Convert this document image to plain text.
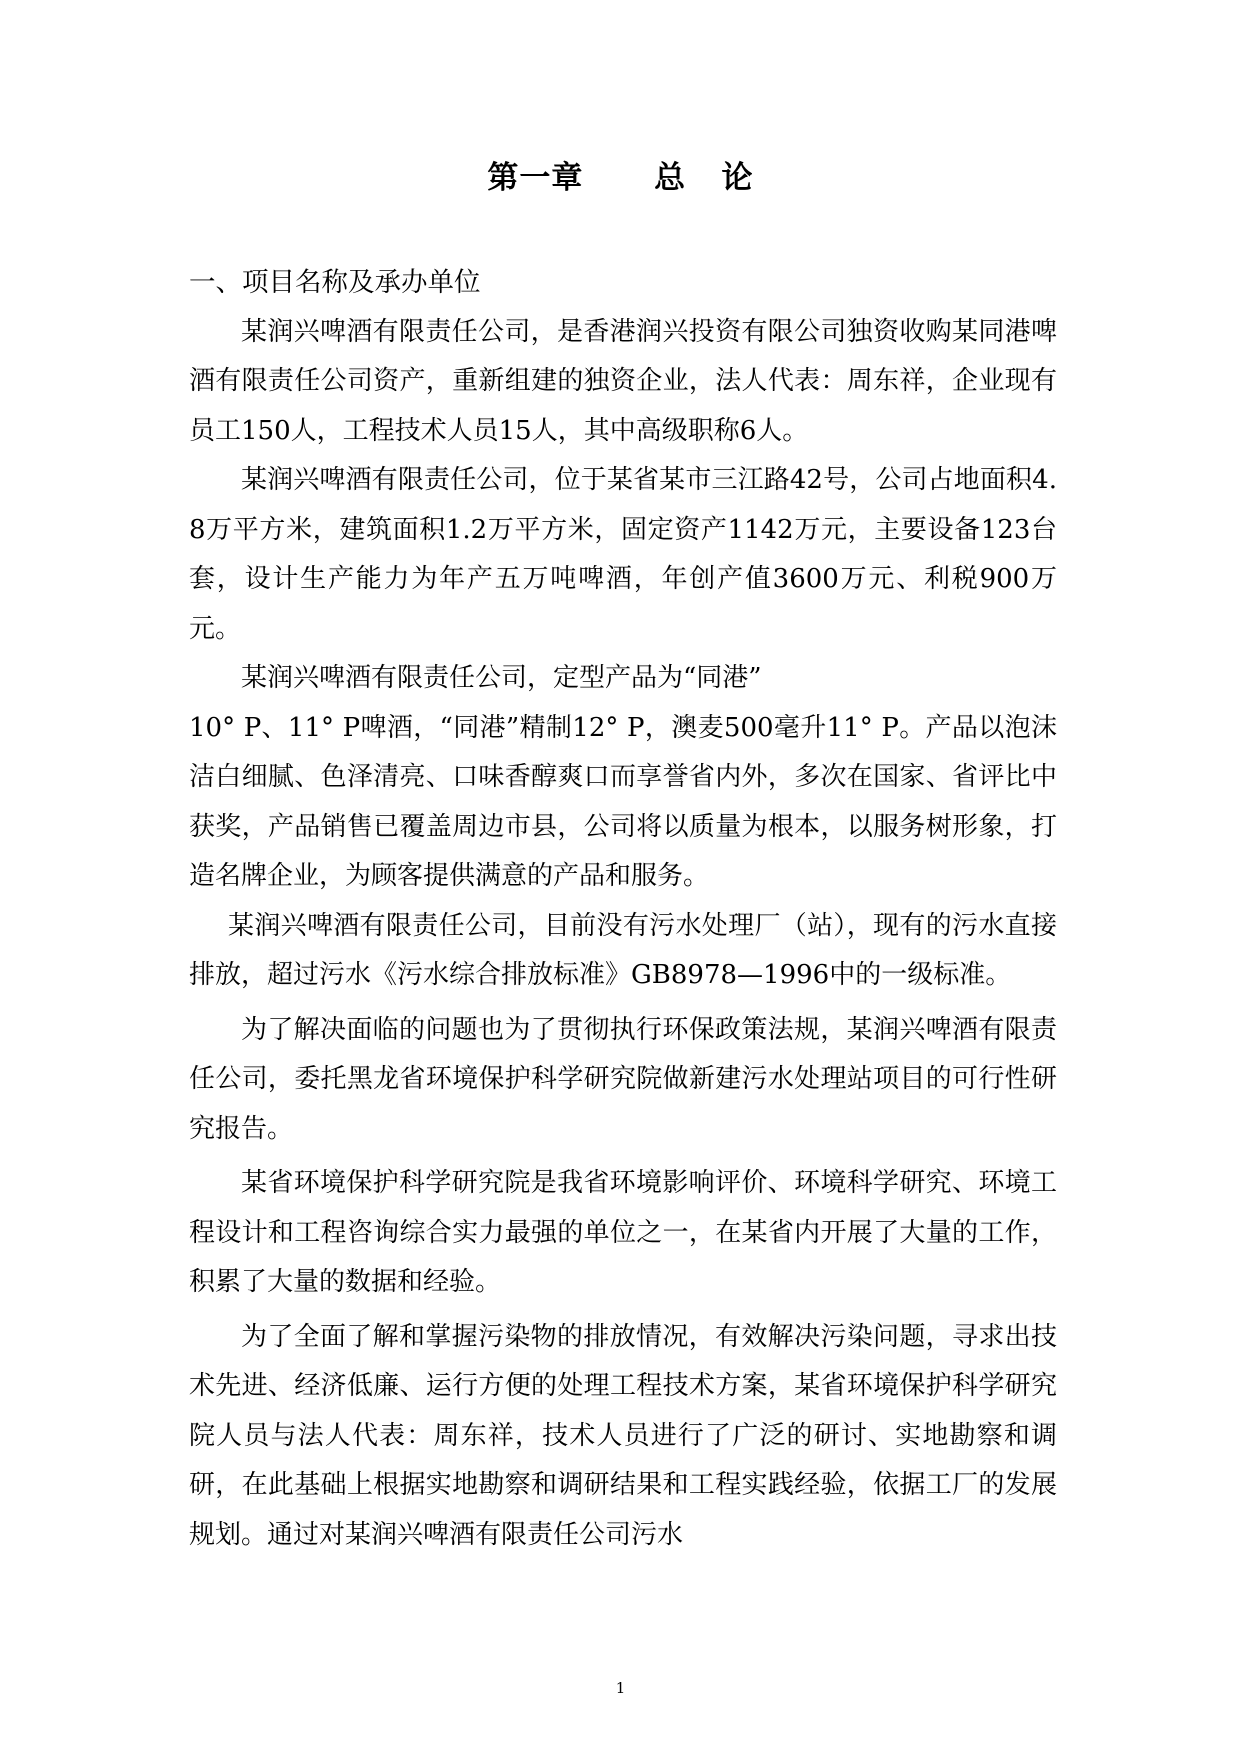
第一章      总   论

一、项目名称及承办单位

某润兴啤酒有限责任公司，是香港润兴投资有限公司独资收购某同港啤酒有限责任公司资产，重新组建的独资企业，法人代表：周东祥，企业现有员工150人，工程技术人员15人，其中高级职称6人。

某润兴啤酒有限责任公司，位于某省某市三江路42号，公司占地面积4.8万平方米，建筑面积1.2万平方米，固定资产1142万元，主要设备123台套，设计生产能力为年产五万吨啤酒，年创产值3600万元、利税900万元。

某润兴啤酒有限责任公司，定型产品为“同港”

10° P、11° P啤酒，“同港”精制12° P，澳麦500毫升11° P。产品以泡沫洁白细腻、色泽清亮、口味香醇爽口而享誉省内外，多次在国家、省评比中获奖，产品销售已覆盖周边市县，公司将以质量为根本，以服务树形象，打造名牌企业，为顾客提供满意的产品和服务。

某润兴啤酒有限责任公司，目前没有污水处理厂（站），现有的污水直接排放，超过污水《污水综合排放标准》GB8978—1996中的一级标准。

为了解决面临的问题也为了贯彻执行环保政策法规，某润兴啤酒有限责任公司，委托黑龙省环境保护科学研究院做新建污水处理站项目的可行性研究报告。

某省环境保护科学研究院是我省环境影响评价、环境科学研究、环境工程设计和工程咨询综合实力最强的单位之一，在某省内开展了大量的工作，积累了大量的数据和经验。

为了全面了解和掌握污染物的排放情况，有效解决污染问题，寻求出技术先进、经济低廉、运行方便的处理工程技术方案，某省环境保护科学研究院人员与法人代表：周东祥，技术人员进行了广泛的研讨、实地勘察和调研，在此基础上根据实地勘察和调研结果和工程实践经验，依据工厂的发展规划。通过对某润兴啤酒有限责任公司污水

1
